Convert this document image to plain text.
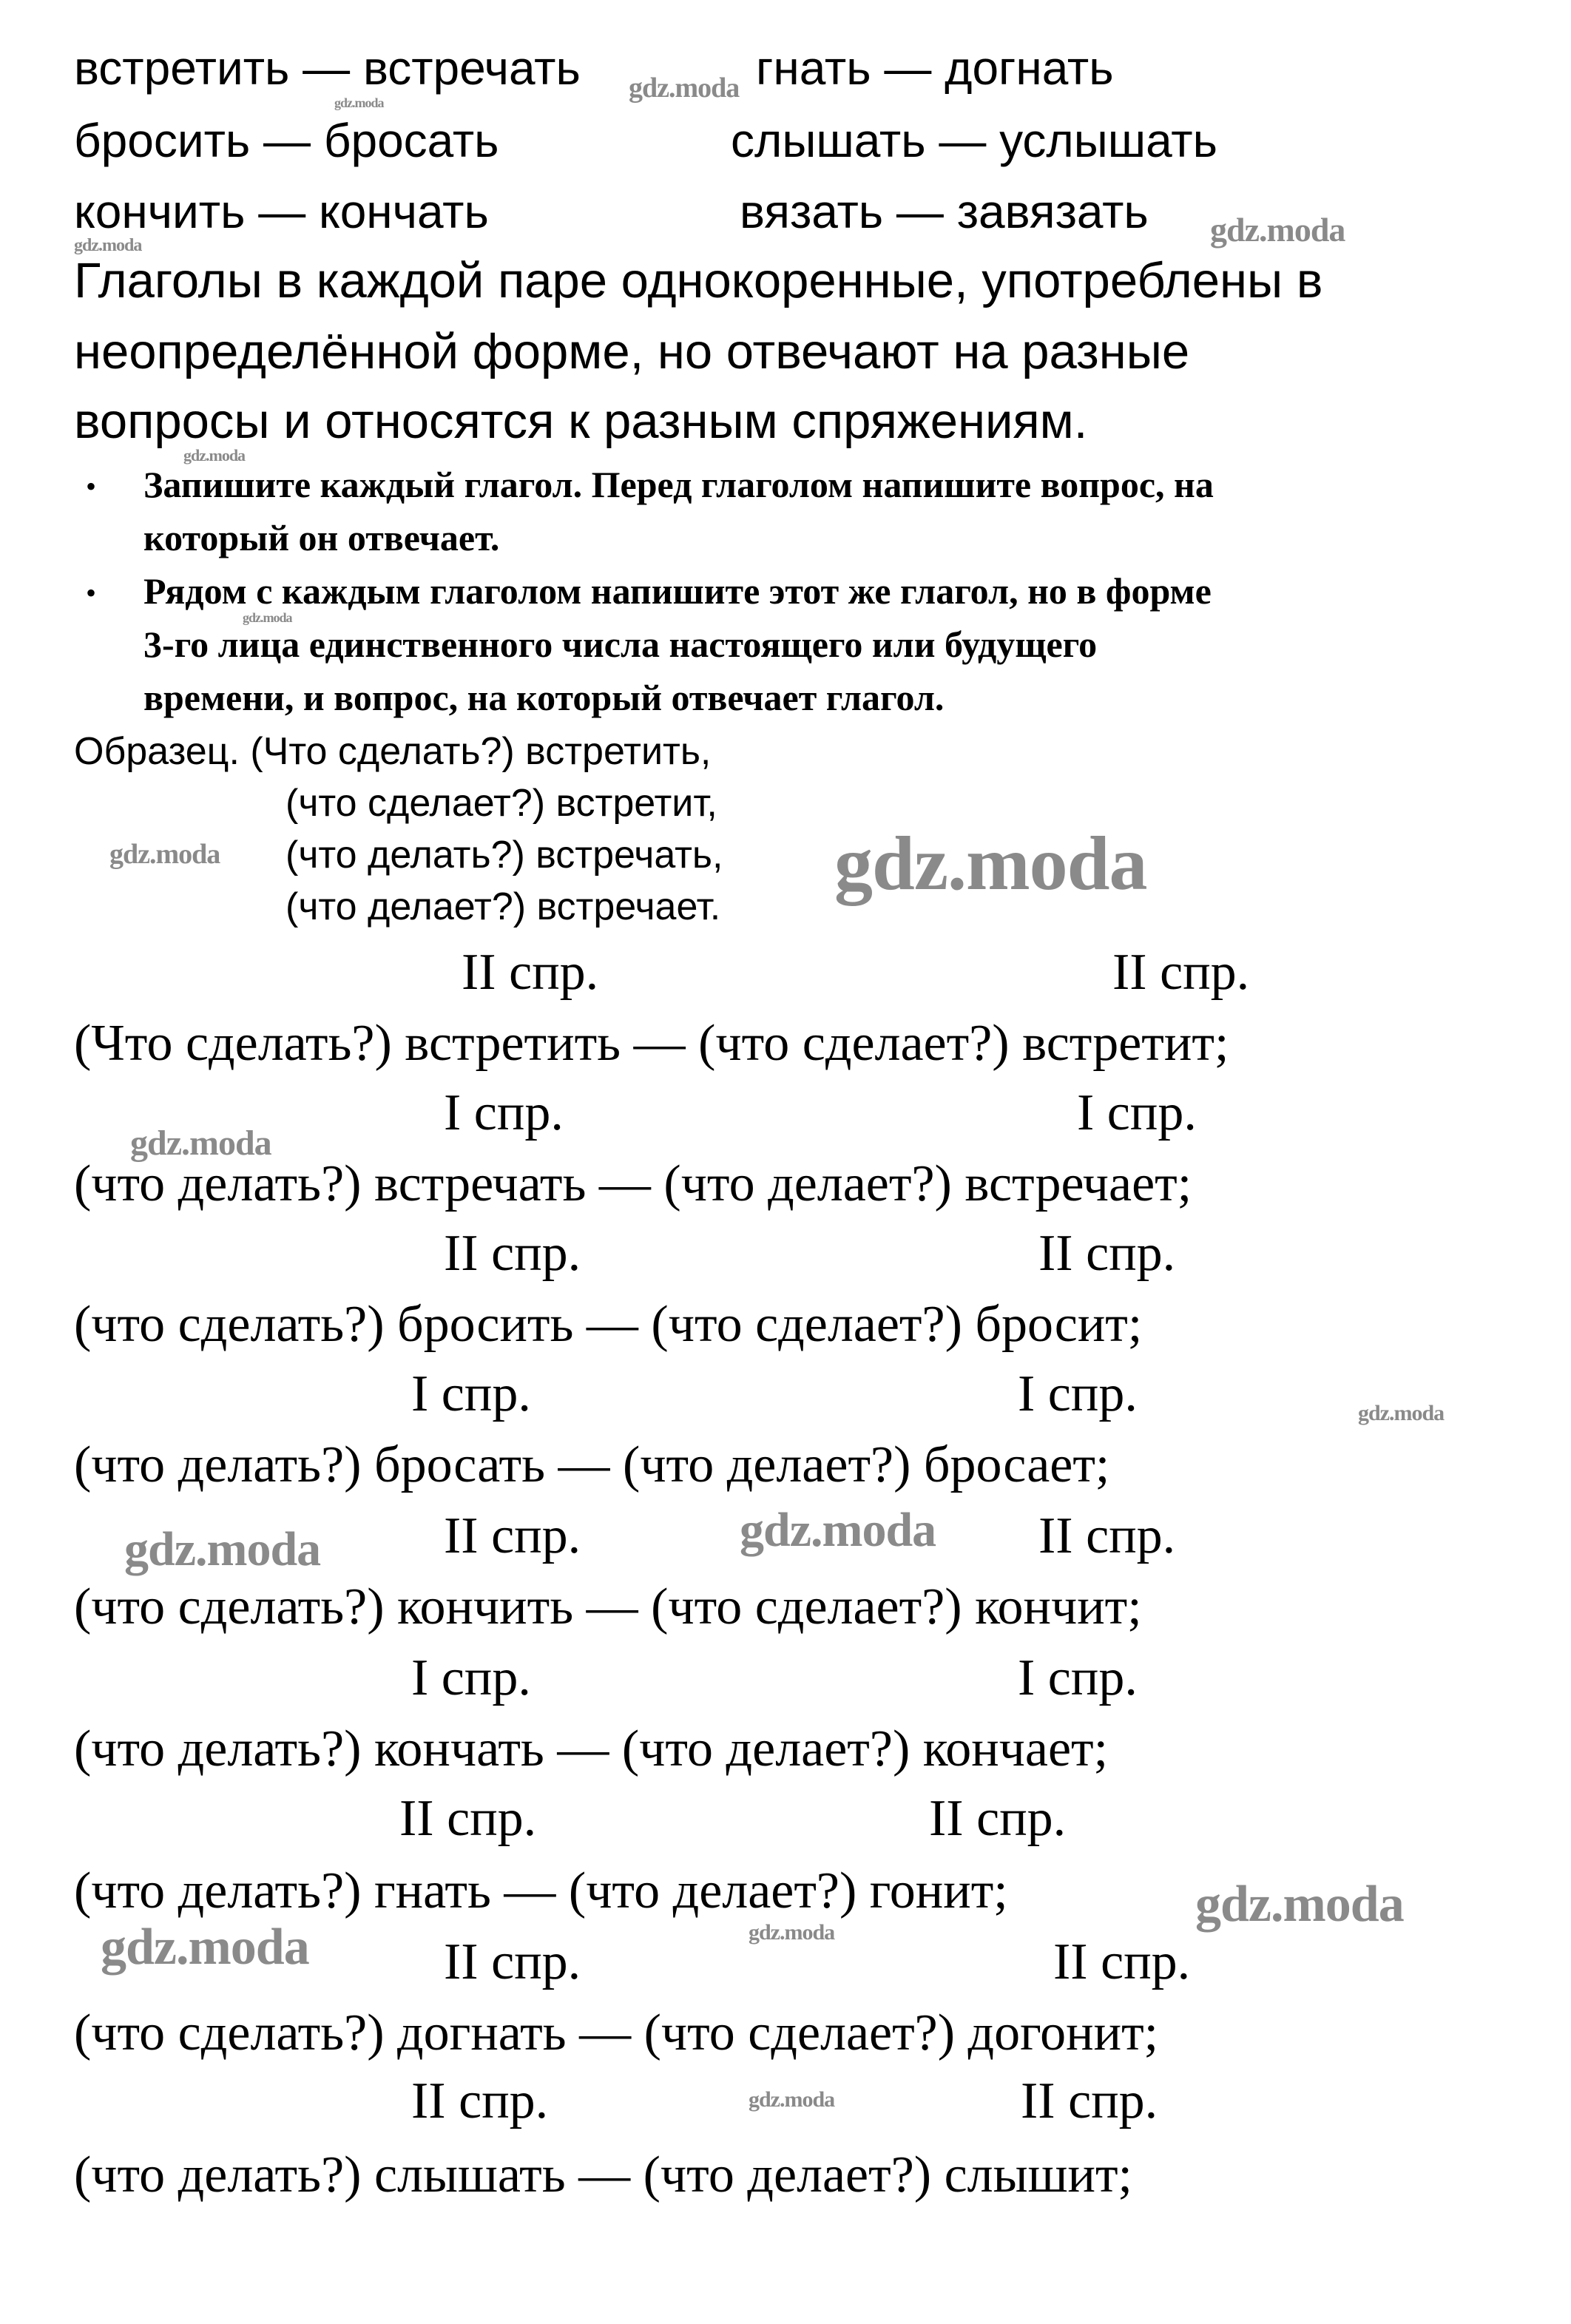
встретить — встречать	гнать — догнать
бросить — бросать	слышать — услышать
кончить — кончать	вязать — завязать
Глаголы в каждой паре однокоренные, употреблены в
неопределённой форме, но отвечают на разные
вопросы и относятся к разным спряжениям.
• Запишите каждый глагол. Перед глаголом напишите вопрос, на
который он отвечает.
• Рядом с каждым глаголом напишите этот же глагол, но в форме
3-го лица единственного числа настоящего или будущего
времени, и вопрос, на который отвечает глагол.
Образец. (Что сделать?) встретить,
(что сделает?) встретит,
(что делать?) встречать,
(что делает?) встречает.
II спр.	II спр.
(Что сделать?) встретить — (что сделает?) встретит;
I спр.	I спр.
(что делать?) встречать — (что делает?) встречает;
II спр.	II спр.
(что сделать?) бросить — (что сделает?) бросит;
I спр.	I спр.
(что делать?) бросать — (что делает?) бросает;
II спр.	II спр.
(что сделать?) кончить — (что сделает?) кончит;
I спр.	I спр.
(что делать?) кончать — (что делает?) кончает;
II спр.	II спр.
(что делать?) гнать — (что делает?) гонит;
II спр.	II спр.
(что сделать?) догнать — (что сделает?) догонит;
II спр.	II спр.
(что делать?) слышать — (что делает?) слышит;
gdz.moda	gdz.moda
gdz.moda
gdz.moda
gdz.moda
gdz.moda
gdz.moda	gdz.moda
gdz.moda
gdz.moda
gdz.moda	gdz.moda
gdz.moda
gdz.moda	gdz.moda
gdz.moda
